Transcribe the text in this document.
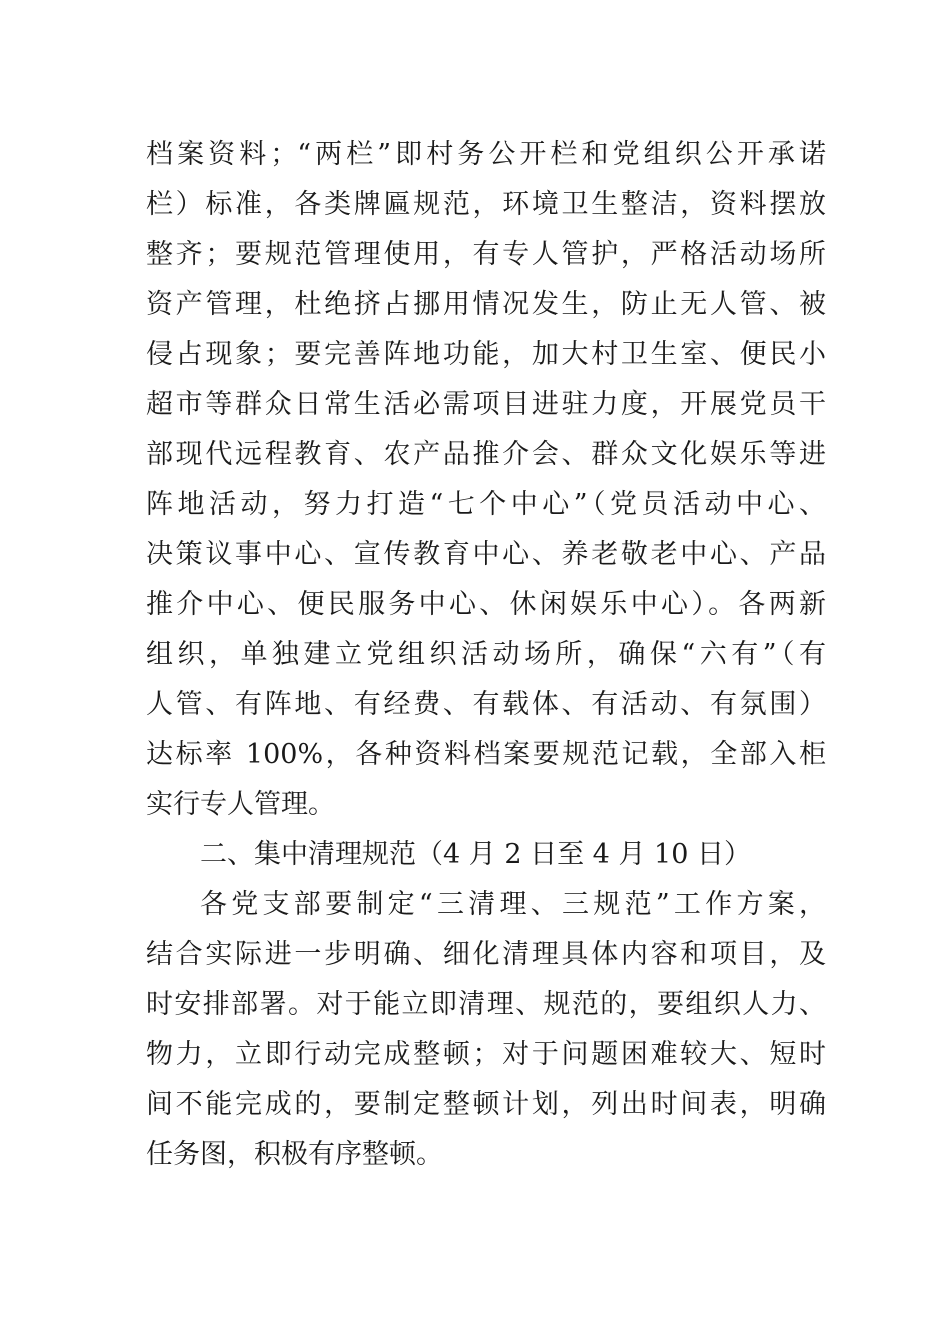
档案资料；“两栏”即村务公开栏和党组织公开承诺
栏）标准，各类牌匾规范，环境卫生整洁，资料摆放
整齐；要规范管理使用，有专人管护，严格活动场所
资产管理，杜绝挤占挪用情况发生，防止无人管、被
侵占现象；要完善阵地功能，加大村卫生室、便民小
超市等群众日常生活必需项目进驻力度，开展党员干
部现代远程教育、农产品推介会、群众文化娱乐等进
阵地活动，努力打造“七个中心”（党员活动中心、
决策议事中心、宣传教育中心、养老敬老中心、产品
推介中心、便民服务中心、休闲娱乐中心）。各两新
组织，单独建立党组织活动场所，确保“六有”（有
人管、有阵地、有经费、有载体、有活动、有氛围）
达标率 100%，各种资料档案要规范记载，全部入柜
实行专人管理。
二、集中清理规范（4 月 2 日至 4 月 10 日）
各党支部要制定“三清理、三规范”工作方案，
结合实际进一步明确、细化清理具体内容和项目，及
时安排部署。对于能立即清理、规范的，要组织人力、
物力，立即行动完成整顿；对于问题困难较大、短时
间不能完成的，要制定整顿计划，列出时间表，明确
任务图，积极有序整顿。
